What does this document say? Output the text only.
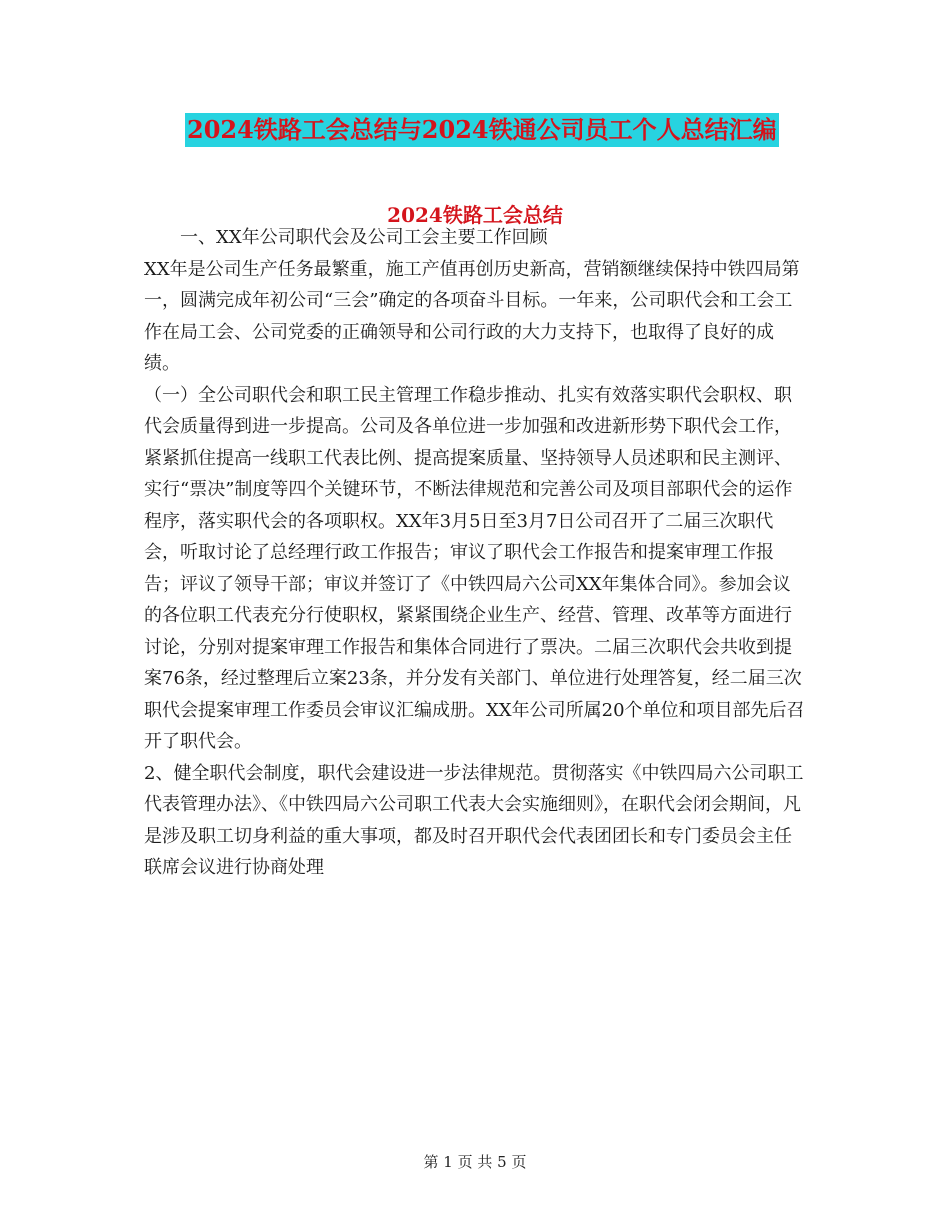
2024铁路工会总结与2024铁通公司员工个人总结汇编
2024铁路工会总结

一、XX年公司职代会及公司工会主要工作回顾

XX年是公司生产任务最繁重，施工产值再创历史新高，营销额继续保持中铁四局第一，圆满完成年初公司“三会”确定的各项奋斗目标。一年来，公司职代会和工会工作在局工会、公司党委的正确领导和公司行政的大力支持下，也取得了良好的成绩。

（一）全公司职代会和职工民主管理工作稳步推动、扎实有效落实职代会职权、职代会质量得到进一步提高。公司及各单位进一步加强和改进新形势下职代会工作，紧紧抓住提高一线职工代表比例、提高提案质量、坚持领导人员述职和民主测评、实行“票决”制度等四个关键环节，不断法律规范和完善公司及项目部职代会的运作程序，落实职代会的各项职权。XX年3月5日至3月7日公司召开了二届三次职代会，听取讨论了总经理行政工作报告；审议了职代会工作报告和提案审理工作报告；评议了领导干部；审议并签订了《中铁四局六公司XX年集体合同》。参加会议的各位职工代表充分行使职权，紧紧围绕企业生产、经营、管理、改革等方面进行讨论，分别对提案审理工作报告和集体合同进行了票决。二届三次职代会共收到提案76条，经过整理后立案23条，并分发有关部门、单位进行处理答复，经二届三次职代会提案审理工作委员会审议汇编成册。XX年公司所属20个单位和项目部先后召开了职代会。

2、健全职代会制度，职代会建设进一步法律规范。贯彻落实《中铁四局六公司职工代表管理办法》、《中铁四局六公司职工代表大会实施细则》，在职代会闭会期间，凡是涉及职工切身利益的重大事项，都及时召开职代会代表团团长和专门委员会主任联席会议进行协商处理

第 1 页 共 5 页
